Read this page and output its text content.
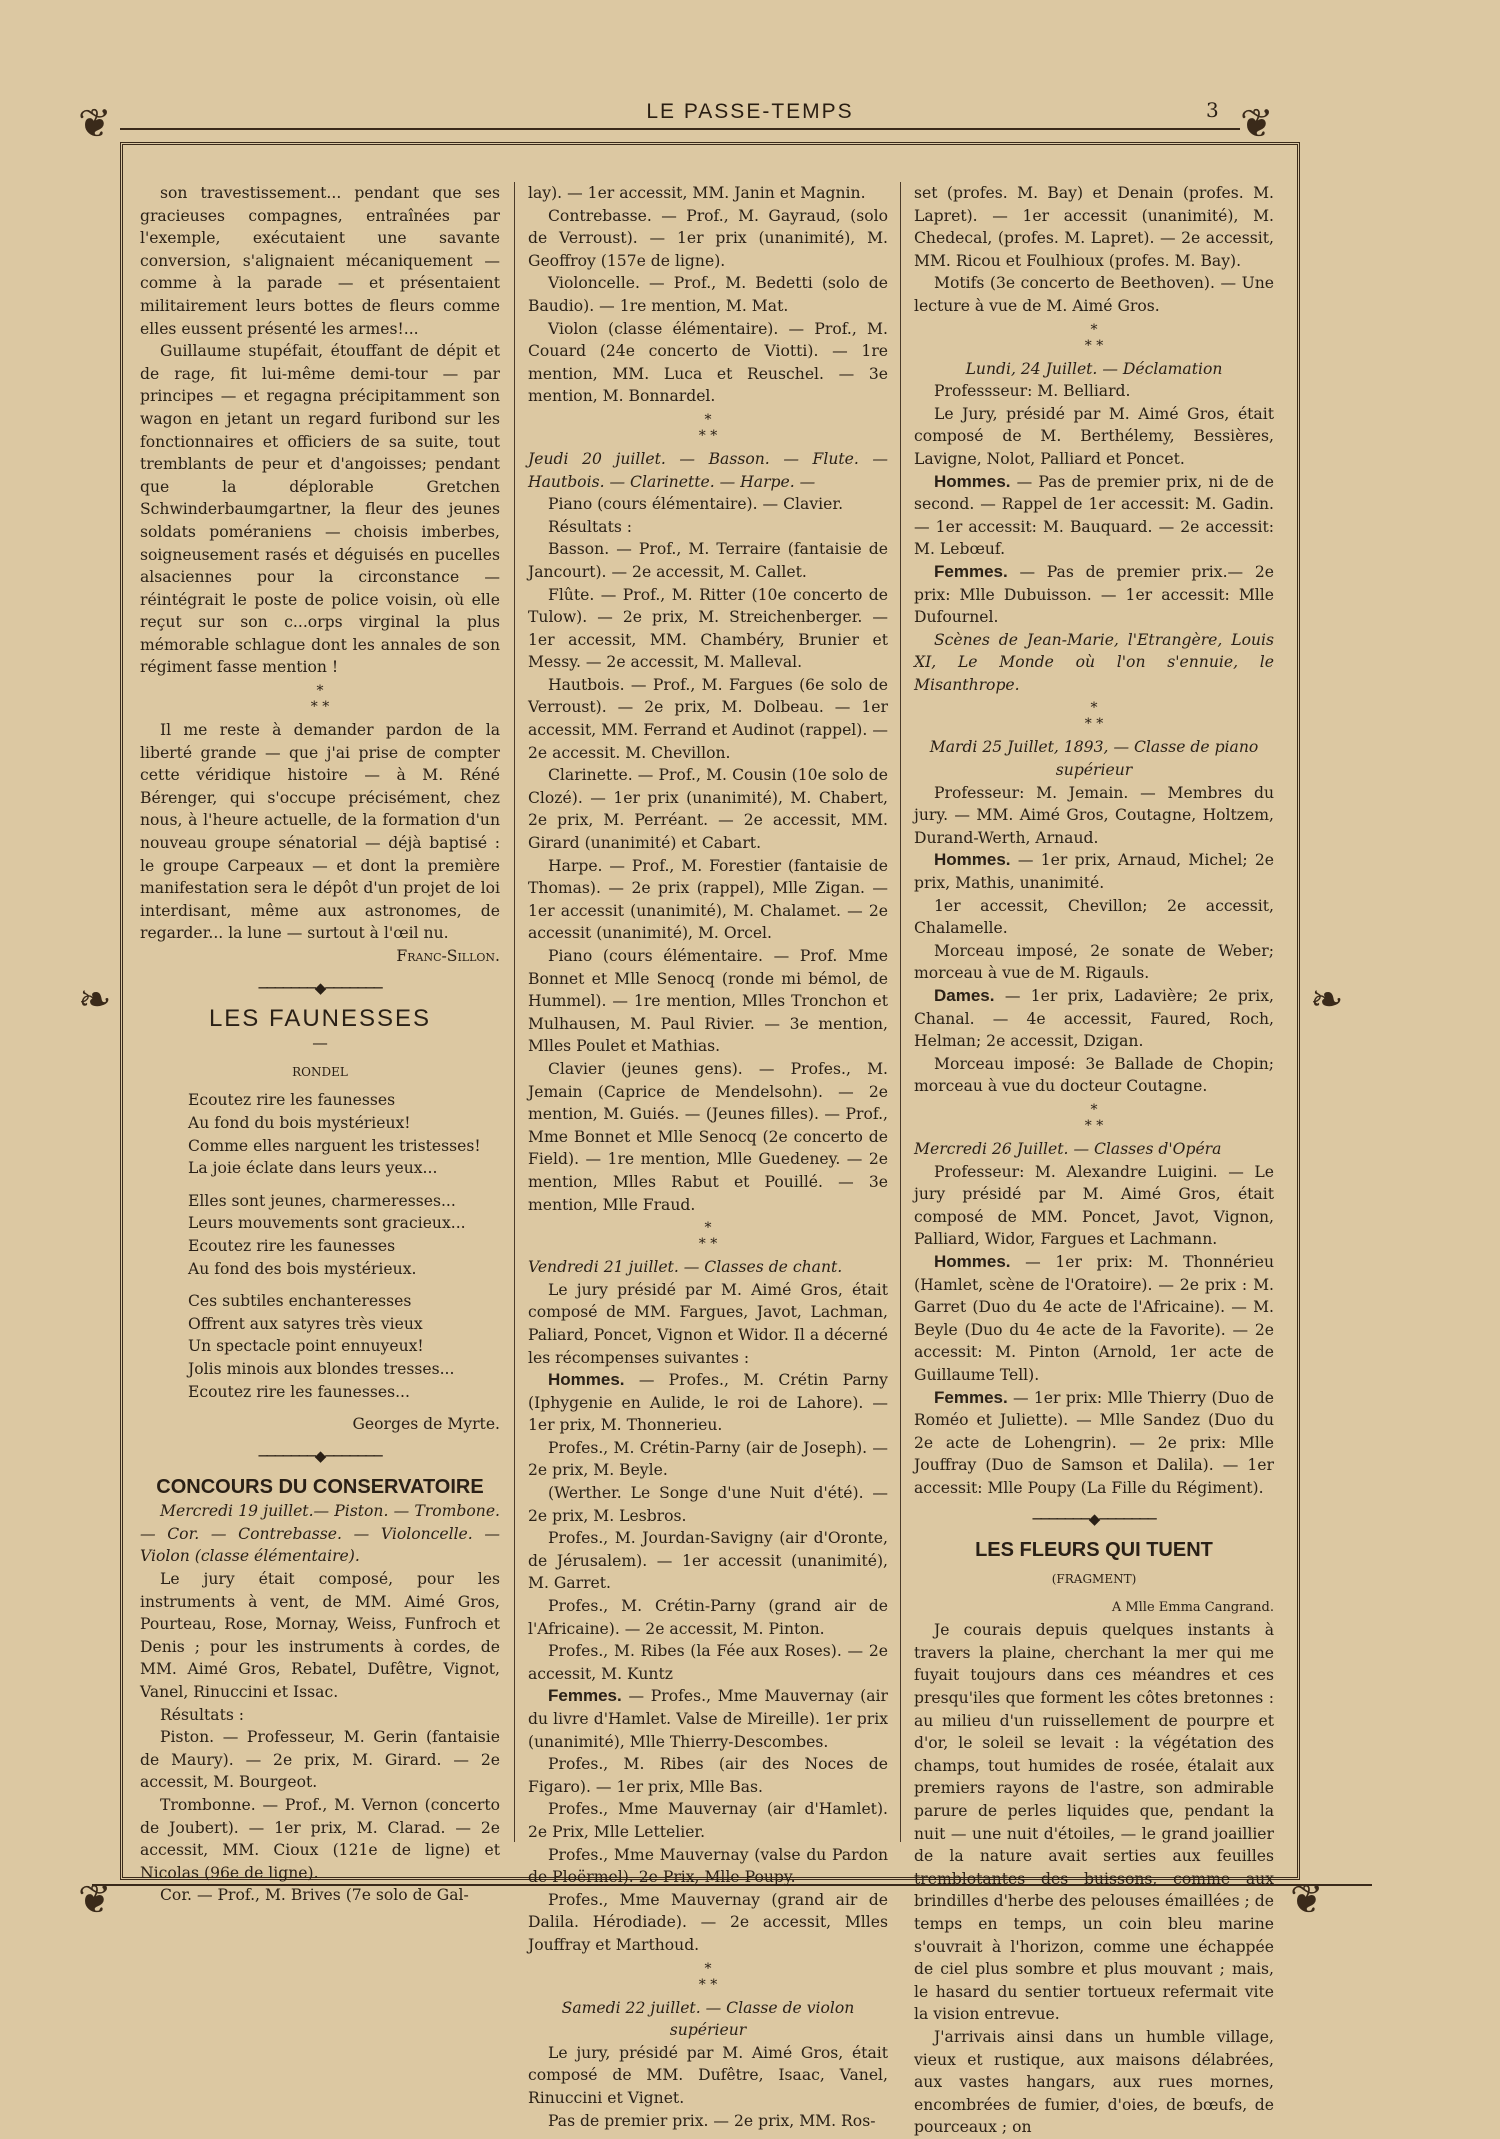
LE PASSE-TEMPS	3
❦	❦
❧	❧
❦	❦

son travestissement... pendant que ses gracieuses compagnes, entraînées par l'exemple, exécutaient une savante conversion, s'alignaient mécaniquement — comme à la parade — et présentaient militairement leurs bottes de fleurs comme elles eussent présenté les armes!...

Guillaume stupéfait, étouffant de dépit et de rage, fit lui-même demi-tour — par principes — et regagna précipitamment son wagon en jetant un regard furibond sur les fonctionnaires et officiers de sa suite, tout tremblants de peur et d'angoisses; pendant que la déplorable Gretchen Schwinderbaumgartner, la fleur des jeunes soldats poméraniens — choisis imberbes, soigneusement rasés et déguisés en pucelles alsaciennes pour la circonstance — réintégrait le poste de police voisin, où elle reçut sur son c...orps virginal la plus mémorable schlague dont les annales de son régiment fasse mention !

*
* *

Il me reste à demander pardon de la liberté grande — que j'ai prise de compter cette véridique histoire — à M. Réné Bérenger, qui s'occupe précisément, chez nous, à l'heure actuelle, de la formation d'un nouveau groupe sénatorial — déjà baptisé : le groupe Carpeaux — et dont la première manifestation sera le dépôt d'un projet de loi interdisant, même aux astronomes, de regarder... la lune — surtout à l'œil nu.

Franc-Sillon.

───────◆───────
LES FAUNESSES
—
RONDEL

Ecoutez rire les faunesses

Au fond du bois mystérieux!

Comme elles narguent les tristesses!

La joie éclate dans leurs yeux...

Elles sont jeunes, charmeresses...

Leurs mouvements sont gracieux...

Ecoutez rire les faunesses

Au fond des bois mystérieux.

Ces subtiles enchanteresses

Offrent aux satyres très vieux

Un spectacle point ennuyeux!

Jolis minois aux blondes tresses...

Ecoutez rire les faunesses...

Georges de Myrte.

───────◆───────
CONCOURS DU CONSERVATOIRE

Mercredi 19 juillet.— Piston. — Trombone. — Cor. — Contrebasse. — Violoncelle. — Violon (classe élémentaire).

Le jury était composé, pour les instruments à vent, de MM. Aimé Gros, Pourteau, Rose, Mornay, Weiss, Funfroch et Denis ; pour les instruments à cordes, de MM. Aimé Gros, Rebatel, Dufêtre, Vignot, Vanel, Rinuccini et Issac.

Résultats :

Piston. — Professeur, M. Gerin (fantaisie de Maury). — 2e prix, M. Girard. — 2e accessit, M. Bourgeot.

Trombonne. — Prof., M. Vernon (concerto de Joubert). — 1er prix, M. Clarad. — 2e accessit, MM. Cioux (121e de ligne) et Nicolas (96e de ligne).

Cor. — Prof., M. Brives (7e solo de Gal-

lay). — 1er accessit, MM. Janin et Magnin.

Contrebasse. — Prof., M. Gayraud, (solo de Verroust). — 1er prix (unanimité), M. Geoffroy (157e de ligne).

Violoncelle. — Prof., M. Bedetti (solo de Baudio). — 1re mention, M. Mat.

Violon (classe élémentaire). — Prof., M. Couard (24e concerto de Viotti). — 1re mention, MM. Luca et Reuschel. — 3e mention, M. Bonnardel.

*
* *

Jeudi 20 juillet. — Basson. — Flute. — Hautbois. — Clarinette. — Harpe. —

Piano (cours élémentaire). — Clavier.

Résultats :

Basson. — Prof., M. Terraire (fantaisie de Jancourt). — 2e accessit, M. Callet.

Flûte. — Prof., M. Ritter (10e concerto de Tulow). — 2e prix, M. Streichenberger. — 1er accessit, MM. Chambéry, Brunier et Messy. — 2e accessit, M. Malleval.

Hautbois. — Prof., M. Fargues (6e solo de Verroust). — 2e prix, M. Dolbeau. — 1er accessit, MM. Ferrand et Audinot (rappel). — 2e accessit. M. Chevillon.

Clarinette. — Prof., M. Cousin (10e solo de Clozé). — 1er prix (unanimité), M. Chabert, 2e prix, M. Perréant. — 2e accessit, MM. Girard (unanimité) et Cabart.

Harpe. — Prof., M. Forestier (fantaisie de Thomas). — 2e prix (rappel), Mlle Zigan. — 1er accessit (unanimité), M. Chalamet. — 2e accessit (unanimité), M. Orcel.

Piano (cours élémentaire. — Prof. Mme Bonnet et Mlle Senocq (ronde mi bémol, de Hummel). — 1re mention, Mlles Tronchon et Mulhausen, M. Paul Rivier. — 3e mention, Mlles Poulet et Mathias.

Clavier (jeunes gens). — Profes., M. Jemain (Caprice de Mendelsohn). — 2e mention, M. Guiés. — (Jeunes filles). — Prof., Mme Bonnet et Mlle Senocq (2e concerto de Field). — 1re mention, Mlle Guedeney. — 2e mention, Mlles Rabut et Pouillé. — 3e mention, Mlle Fraud.

*
* *

Vendredi 21 juillet. — Classes de chant.

Le jury présidé par M. Aimé Gros, était composé de MM. Fargues, Javot, Lachman, Paliard, Poncet, Vignon et Widor. Il a décerné les récompenses suivantes :

Hommes. — Profes., M. Crétin Parny (Iphygenie en Aulide, le roi de Lahore). — 1er prix, M. Thonnerieu.

Profes., M. Crétin-Parny (air de Joseph). — 2e prix, M. Beyle.

(Werther. Le Songe d'une Nuit d'été). — 2e prix, M. Lesbros.

Profes., M. Jourdan-Savigny (air d'Oronte, de Jérusalem). — 1er accessit (unanimité), M. Garret.

Profes., M. Crétin-Parny (grand air de l'Africaine). — 2e accessit, M. Pinton.

Profes., M. Ribes (la Fée aux Roses). — 2e accessit, M. Kuntz

Femmes. — Profes., Mme Mauvernay (air du livre d'Hamlet. Valse de Mireille). 1er prix (unanimité), Mlle Thierry-Descombes.

Profes., M. Ribes (air des Noces de Figaro). — 1er prix, Mlle Bas.

Profes., Mme Mauvernay (air d'Hamlet). 2e Prix, Mlle Lettelier.

Profes., Mme Mauvernay (valse du Pardon de Ploërmel). 2e Prix, Mlle Poupy.

Profes., Mme Mauvernay (grand air de Dalila. Hérodiade). — 2e accessit, Mlles Jouffray et Marthoud.

*
* *

Samedi 22 juillet. — Classe de violon supérieur

Le jury, présidé par M. Aimé Gros, était composé de MM. Dufêtre, Isaac, Vanel, Rinuccini et Vignet.

Pas de premier prix. — 2e prix, MM. Ros-

set (profes. M. Bay) et Denain (profes. M. Lapret). — 1er accessit (unanimité), M. Chedecal, (profes. M. Lapret). — 2e accessit, MM. Ricou et Foulhioux (profes. M. Bay).

Motifs (3e concerto de Beethoven). — Une lecture à vue de M. Aimé Gros.

*
* *

Lundi, 24 Juillet. — Déclamation

Professseur: M. Belliard.

Le Jury, présidé par M. Aimé Gros, était composé de M. Berthélemy, Bessières, Lavigne, Nolot, Palliard et Poncet.

Hommes. — Pas de premier prix, ni de de second. — Rappel de 1er accessit: M. Gadin. — 1er accessit: M. Bauquard. — 2e accessit: M. Lebœuf.

Femmes. — Pas de premier prix.— 2e prix: Mlle Dubuisson. — 1er accessit: Mlle Dufournel.

Scènes de Jean-Marie, l'Etrangère, Louis XI, Le Monde où l'on s'ennuie, le Misanthrope.

*
* *

Mardi 25 Juillet, 1893, — Classe de piano supérieur

Professeur: M. Jemain. — Membres du jury. — MM. Aimé Gros, Coutagne, Holtzem, Durand-Werth, Arnaud.

Hommes. — 1er prix, Arnaud, Michel; 2e prix, Mathis, unanimité.

1er accessit, Chevillon; 2e accessit, Chalamelle.

Morceau imposé, 2e sonate de Weber; morceau à vue de M. Rigauls.

Dames. — 1er prix, Ladavière; 2e prix, Chanal. — 4e accessit, Faured, Roch, Helman; 2e accessit, Dzigan.

Morceau imposé: 3e Ballade de Chopin; morceau à vue du docteur Coutagne.

*
* *

Mercredi 26 Juillet. — Classes d'Opéra

Professeur: M. Alexandre Luigini. — Le jury présidé par M. Aimé Gros, était composé de MM. Poncet, Javot, Vignon, Palliard, Widor, Fargues et Lachmann.

Hommes. — 1er prix: M. Thonnérieu (Hamlet, scène de l'Oratoire). — 2e prix : M. Garret (Duo du 4e acte de l'Africaine). — M. Beyle (Duo du 4e acte de la Favorite). — 2e accessit: M. Pinton (Arnold, 1er acte de Guillaume Tell).

Femmes. — 1er prix: Mlle Thierry (Duo de Roméo et Juliette). — Mlle Sandez (Duo du 2e acte de Lohengrin). — 2e prix: Mlle Jouffray (Duo de Samson et Dalila). — 1er accessit: Mlle Poupy (La Fille du Régiment).

───────◆───────
LES FLEURS QUI TUENT
(FRAGMENT)

A Mlle Emma Cangrand.

Je courais depuis quelques instants à travers la plaine, cherchant la mer qui me fuyait toujours dans ces méandres et ces presqu'iles que forment les côtes bretonnes : au milieu d'un ruissellement de pourpre et d'or, le soleil se levait : la végétation des champs, tout humides de rosée, étalait aux premiers rayons de l'astre, son admirable parure de perles liquides que, pendant la nuit — une nuit d'étoiles, — le grand joaillier de la nature avait serties aux feuilles tremblotantes des buissons, comme aux brindilles d'herbe des pelouses émaillées ; de temps en temps, un coin bleu marine s'ouvrait à l'horizon, comme une échappée de ciel plus sombre et plus mouvant ; mais, le hasard du sentier tortueux refermait vite la vision entrevue.

J'arrivais ainsi dans un humble village, vieux et rustique, aux maisons délabrées, aux vastes hangars, aux rues mornes, encombrées de fumier, d'oies, de bœufs, de pourceaux ; on
